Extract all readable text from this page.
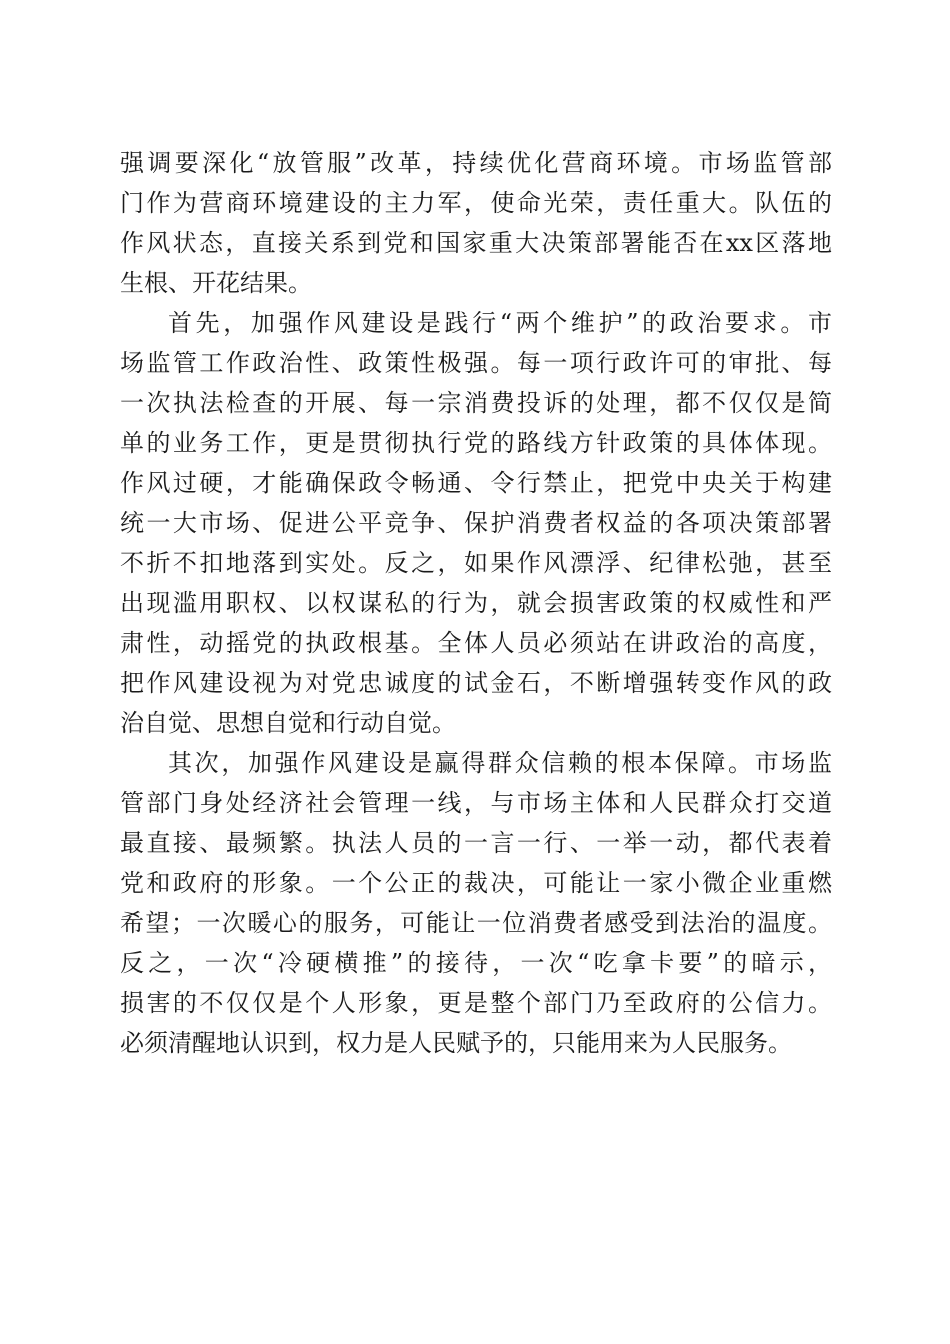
强调要深化“放管服”改革，持续优化营商环境。市场监管部
门作为营商环境建设的主力军，使命光荣，责任重大。队伍的
作风状态，直接关系到党和国家重大决策部署能否在xx区落地
生根、开花结果。
首先，加强作风建设是践行“两个维护”的政治要求。市
场监管工作政治性、政策性极强。每一项行政许可的审批、每
一次执法检查的开展、每一宗消费投诉的处理，都不仅仅是简
单的业务工作，更是贯彻执行党的路线方针政策的具体体现。
作风过硬，才能确保政令畅通、令行禁止，把党中央关于构建
统一大市场、促进公平竞争、保护消费者权益的各项决策部署
不折不扣地落到实处。反之，如果作风漂浮、纪律松弛，甚至
出现滥用职权、以权谋私的行为，就会损害政策的权威性和严
肃性，动摇党的执政根基。全体人员必须站在讲政治的高度，
把作风建设视为对党忠诚度的试金石，不断增强转变作风的政
治自觉、思想自觉和行动自觉。
其次，加强作风建设是赢得群众信赖的根本保障。市场监
管部门身处经济社会管理一线，与市场主体和人民群众打交道
最直接、最频繁。执法人员的一言一行、一举一动，都代表着
党和政府的形象。一个公正的裁决，可能让一家小微企业重燃
希望；一次暖心的服务，可能让一位消费者感受到法治的温度。
反之，一次“冷硬横推”的接待，一次“吃拿卡要”的暗示，
损害的不仅仅是个人形象，更是整个部门乃至政府的公信力。
必须清醒地认识到，权力是人民赋予的，只能用来为人民服务。
